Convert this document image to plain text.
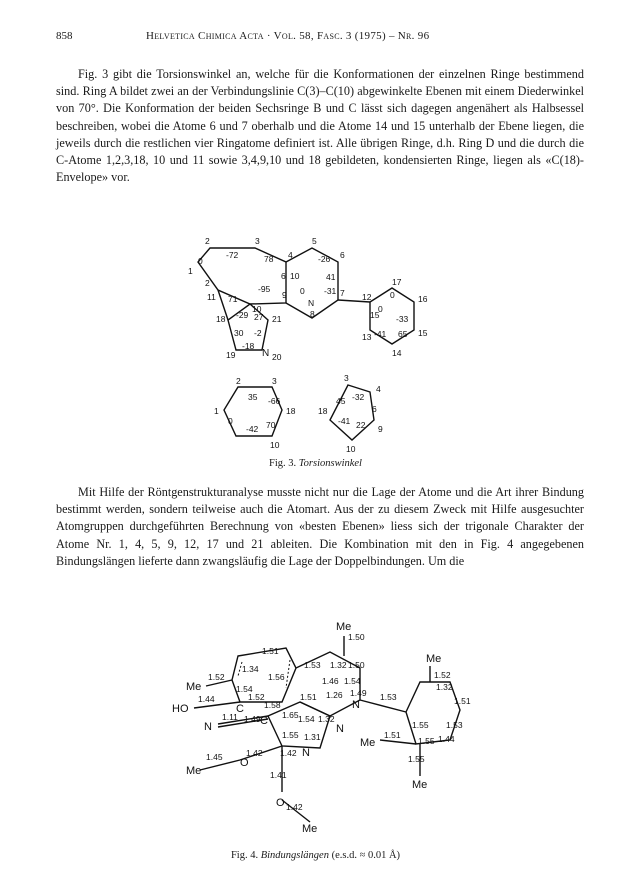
858	Helvetica Chimica Acta · Vol. 58, Fasc. 3 (1975) – Nr. 96

Fig. 3 gibt die Torsionswinkel an, welche für die Konformationen der einzelnen Ringe bestimmend sind. Ring A bildet zwei an der Verbindungslinie C(3)–C(10) abgewinkelte Ebenen mit einem Diederwinkel von 70°. Die Konformation der beiden Sechsringe B und C lässt sich dagegen angenähert als Halbsessel beschreiben, wobei die Atome 6 und 7 oberhalb und die Atome 14 und 15 unterhalb der Ebene liegen, die jeweils durch die restlichen vier Ringatome definiert ist. Alle übrigen Ringe, d.h. Ring D und die durch die C-Atome 1,2,3,18, 10 und 11 sowie 3,4,9,10 und 18 gebildeten, kondensierten Ringe, liegen als «C(18)-Envelope» vor.

2	3
4
5
6
1
2
6 10
9
N
8
7
10
11
18	21
19	N 20
12
17
16
15
13
14
15
-72	78
0	-26
41
-31
-95	0
71
-29 27
30 -2
-18
0
0
-33
-41 65
2	3
1	18
10
35 -66
0
-42 70
3
4
18	6
10
9
-32
45
-41 22
Me
Me
Me
Me
Me
Me
Me
HO	C
N	C
O
N
N
N
O
1.50
1.52
1.51
1.53 1.32 1.50
1.34
1.56	1.46 1.54
1.52
1.44	1.52
1.58
1.54
1.51 1.26 1.49 1.53
1.32
1.51
1.11 1.49	1.65 1.54 1.32
1.55 1.53
1.55 1.31	1.51
1.55 1.44
1.45	1.42 1.42
1.55
1.41
1.42
Fig. 3. Torsionswinkel

Mit Hilfe der Röntgenstrukturanalyse musste nicht nur die Lage der Atome und die Art ihrer Bindung bestimmt werden, sondern teilweise auch die Atomart. Aus der zu diesem Zweck mit Hilfe ausgesuchter Atomgruppen durchgeführten Berechnung von «besten Ebenen» liess sich der trigonale Charakter der Atome Nr. 1, 4, 5, 9, 12, 17 und 21 ableiten. Die Kombination mit den in Fig. 4 angegebenen Bindungslängen lieferte dann zwangsläufig die Lage der Doppelbindungen. Um die

Fig. 4. Bindungslängen (e.s.d. ≈ 0.01 Å)
